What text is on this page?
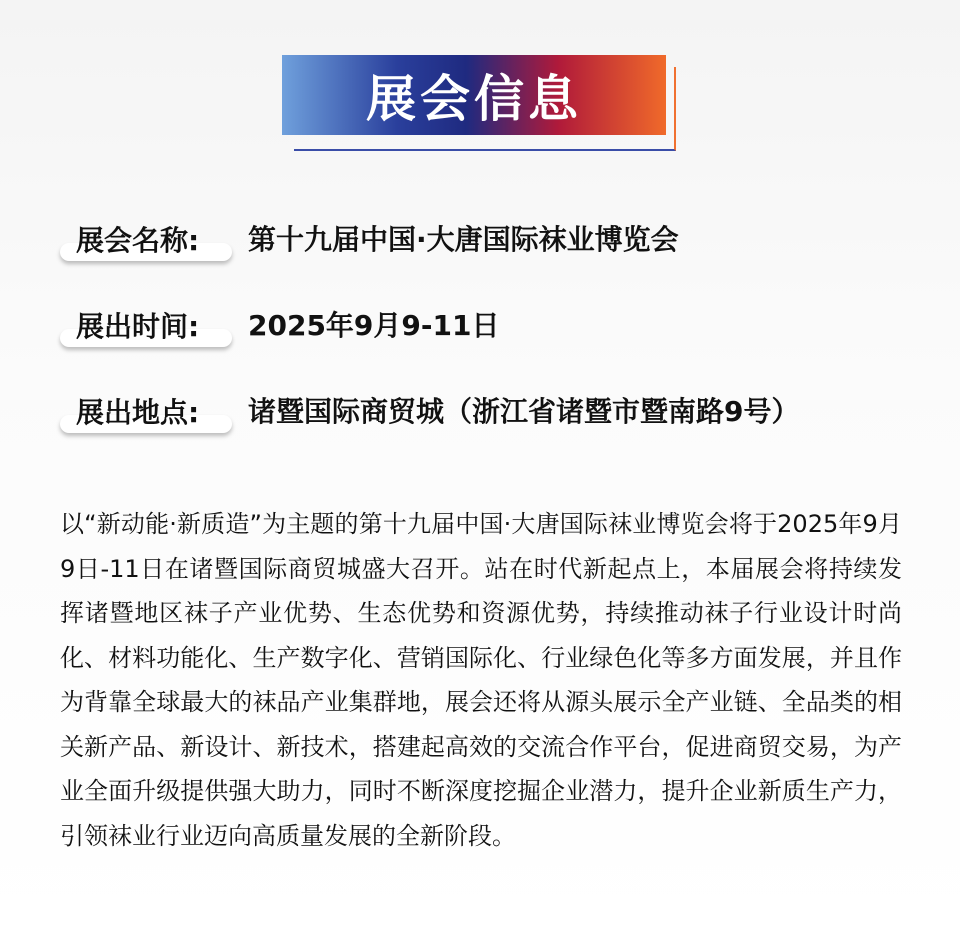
展会信息
展会名称: 第十九届中国·大唐国际袜业博览会
展出时间: 2025年9月9-11日
展出地点: 诸暨国际商贸城（浙江省诸暨市暨南路9号）

以“新动能·新质造”为主题的第十九届中国·大唐国际袜业博览会将于2025年9月9日-11日在诸暨国际商贸城盛大召开。站在时代新起点上，本届展会将持续发挥诸暨地区袜子产业优势、生态优势和资源优势，持续推动袜子行业设计时尚化、材料功能化、生产数字化、营销国际化、行业绿色化等多方面发展，并且作为背靠全球最大的袜品产业集群地，展会还将从源头展示全产业链、全品类的相关新产品、新设计、新技术，搭建起高效的交流合作平台，促进商贸交易，为产业全面升级提供强大助力，同时不断深度挖掘企业潜力，提升企业新质生产力，引领袜业行业迈向高质量发展的全新阶段。
